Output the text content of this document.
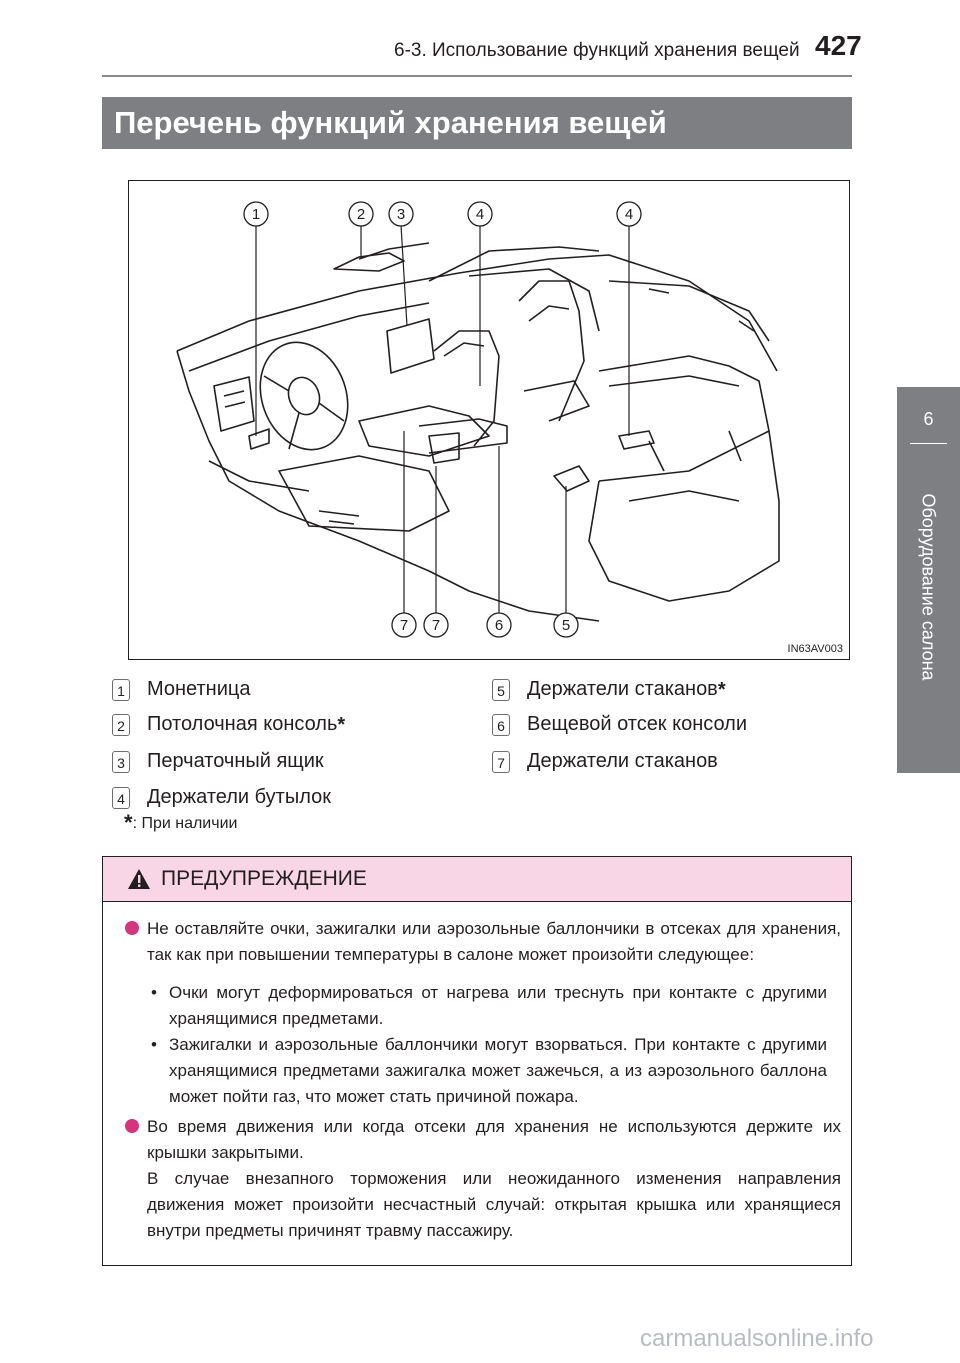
6-3. Использование функций хранения вещей 427
Перечень функций хранения вещей
6
Оборудование салона
1	2 3	4	4
7 7	6	5
IN63AV003
1 Монетница
2 Потолочная консоль *
3 Перчаточный ящик
4 Держатели бутылок
5 Держатели стаканов *
6 Вещевой отсек консоли
7 Держатели стаканов
*: При наличии
ПРЕДУПРЕЖДЕНИЕ
Не оставляйте очки, зажигалки или аэрозольные баллончики в отсеках для хранения, так как при повышении температуры в салоне может произойти следующее:
• Очки могут деформироваться от нагрева или треснуть при контакте с другими хранящимися предметами.
• Зажигалки и аэрозольные баллончики могут взорваться. При контакте с другими хранящимися предметами зажигалка может зажечься, а из аэрозольного баллона может пойти газ, что может стать причиной пожара.
Во время движения или когда отсеки для хранения не используются держите их крышки закрытыми.
В случае внезапного торможения или неожиданного изменения направления движения может произойти несчастный случай: открытая крышка или хранящиеся внутри предметы причинят травму пассажиру.
carmanualsonline.info
